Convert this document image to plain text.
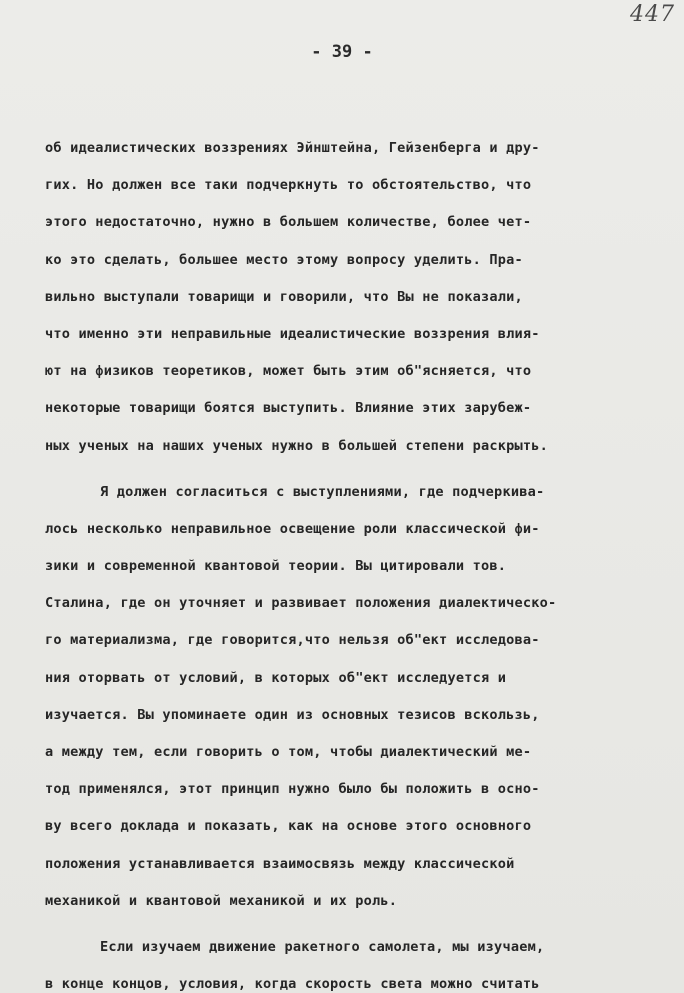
447
- 39 -
об идеалистических воззрениях Эйнштейна, Гейзенберга и дру-
гих. Но должен все таки подчеркнуть то обстоятельство, что
этого недостаточно, нужно в большем количестве, более чет-
ко это сделать, большее место этому вопросу уделить. Пра-
вильно выступали товарищи и говорили, что Вы не показали,
что именно эти неправильные идеалистические воззрения влия-
ют на физиков теоретиков, может быть этим об"ясняется, что
некоторые товарищи боятся выступить. Влияние этих зарубеж-
ных ученых на наших ученых нужно в большей степени раскрыть.
Я должен согласиться с выступлениями, где подчеркива-
лось несколько неправильное освещение роли классической фи-
зики и современной квантовой теории. Вы цитировали тов.
Сталина, где он уточняет и развивает положения диалектическо-
го материализма, где говорится,что нельзя об"ект исследова-
ния оторвать от условий, в которых об"ект исследуется и
изучается. Вы упоминаете один из основных тезисов вскользь,
а между тем, если говорить о том, чтобы диалектический ме-
тод применялся, этот принцип нужно было бы положить в осно-
ву всего доклада и показать, как на основе этого основного
положения устанавливается взаимосвязь между классической
механикой и квантовой механикой и их роль.
Если изучаем движение ракетного самолета, мы изучаем,
в конце концов, условия, когда скорость света можно считать
